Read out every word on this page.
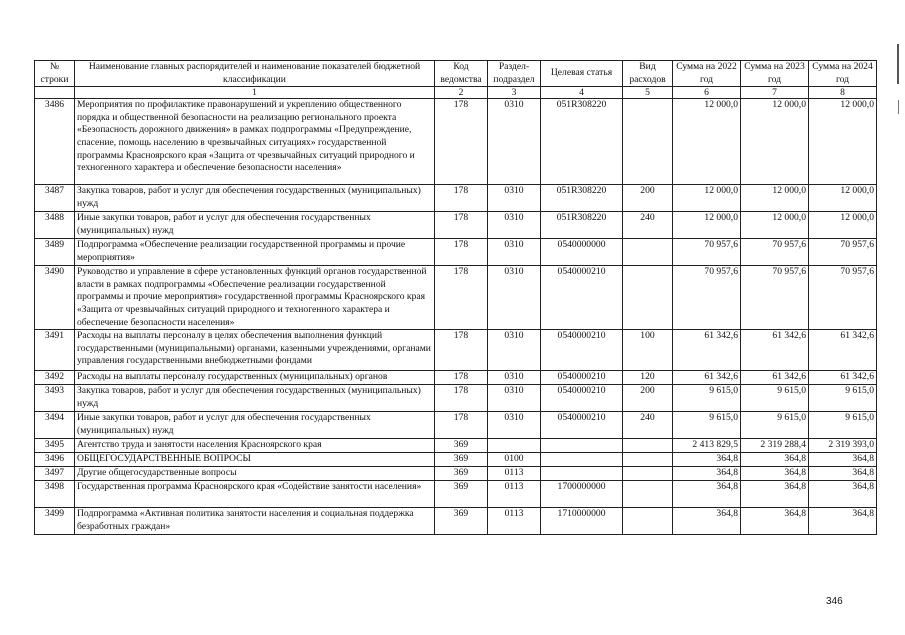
№ строки	Наименование главных распорядителей и наименование показателей бюджетной классификации	Код ведомства	Раздел-подраздел	Целевая статья	Вид расходов	Сумма на 2022 год	Сумма на 2023 год	Сумма на 2024 год
	1	2	3	4	5	6	7	8
3486	Мероприятия по профилактике правонарушений и укреплению общественного порядка и общественной безопасности на реализацию регионального проекта «Безопасность дорожного движения» в рамках подпрограммы «Предупреждение, спасение, помощь населению в чрезвычайных ситуациях» государственной программы Красноярского края «Защита от чрезвычайных ситуаций природного и техногенного характера и обеспечение безопасности населения»	178	0310	051R308220		12 000,0	12 000,0	12 000,0
3487	Закупка товаров, работ и услуг для обеспечения государственных (муниципальных) нужд	178	0310	051R308220	200	12 000,0	12 000,0	12 000,0
3488	Иные закупки товаров, работ и услуг для обеспечения государственных (муниципальных) нужд	178	0310	051R308220	240	12 000,0	12 000,0	12 000,0
3489	Подпрограмма «Обеспечение реализации государственной программы и прочие мероприятия»	178	0310	0540000000		70 957,6	70 957,6	70 957,6
3490	Руководство и управление в сфере установленных функций органов государственной власти в рамках подпрограммы «Обеспечение реализации государственной программы и прочие мероприятия» государственной программы Красноярского края «Защита от чрезвычайных ситуаций природного и техногенного характера и обеспечение безопасности населения»	178	0310	0540000210		70 957,6	70 957,6	70 957,6
3491	Расходы на выплаты персоналу в целях обеспечения выполнения функций государственными (муниципальными) органами, казенными учреждениями, органами управления государственными внебюджетными фондами	178	0310	0540000210	100	61 342,6	61 342,6	61 342,6
3492	Расходы на выплаты персоналу государственных (муниципальных) органов	178	0310	0540000210	120	61 342,6	61 342,6	61 342,6
3493	Закупка товаров, работ и услуг для обеспечения государственных (муниципальных) нужд	178	0310	0540000210	200	9 615,0	9 615,0	9 615,0
3494	Иные закупки товаров, работ и услуг для обеспечения государственных (муниципальных) нужд	178	0310	0540000210	240	9 615,0	9 615,0	9 615,0
3495	Агентство труда и занятости населения Красноярского края	369				2 413 829,5	2 319 288,4	2 319 393,0
3496	ОБЩЕГОСУДАРСТВЕННЫЕ ВОПРОСЫ	369	0100			364,8	364,8	364,8
3497	Другие общегосударственные вопросы	369	0113			364,8	364,8	364,8
3498	Государственная программа Красноярского края «Содействие занятости населения»	369	0113	1700000000		364,8	364,8	364,8
3499	Подпрограмма «Активная политика занятости населения и социальная поддержка безработных граждан»	369	0113	1710000000		364,8	364,8	364,8
346
